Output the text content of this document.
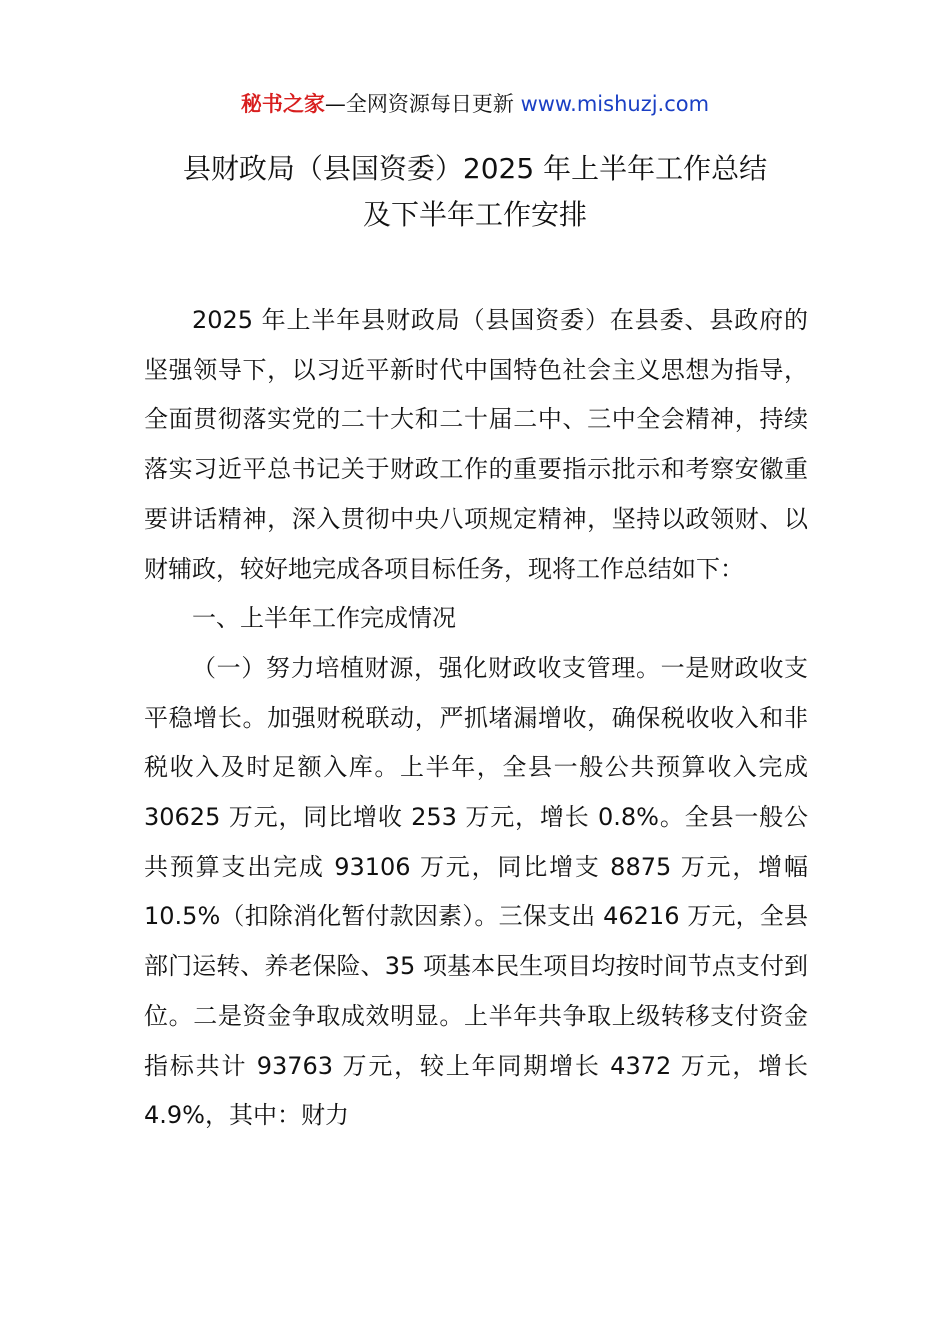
秘书之家—全网资源每日更新 www.mishuzj.com
县财政局（县国资委）2025 年上半年工作总结
及下半年工作安排

2025 年上半年县财政局（县国资委）在县委、县政府的坚强领导下，以习近平新时代中国特色社会主义思想为指导，全面贯彻落实党的二十大和二十届二中、三中全会精神，持续落实习近平总书记关于财政工作的重要指示批示和考察安徽重要讲话精神，深入贯彻中央八项规定精神，坚持以政领财、以财辅政，较好地完成各项目标任务，现将工作总结如下：

一、上半年工作完成情况

（一）努力培植财源，强化财政收支管理。一是财政收支平稳增长。加强财税联动，严抓堵漏增收，确保税收收入和非税收入及时足额入库。上半年，全县一般公共预算收入完成 30625 万元，同比增收 253 万元，增长 0.8%。全县一般公共预算支出完成 93106 万元，同比增支 8875 万元，增幅 10.5%（扣除消化暂付款因素）。三保支出 46216 万元，全县部门运转、养老保险、35 项基本民生项目均按时间节点支付到位。二是资金争取成效明显。上半年共争取上级转移支付资金指标共计 93763 万元，较上年同期增长 4372 万元，增长 4.9%，其中：财力
